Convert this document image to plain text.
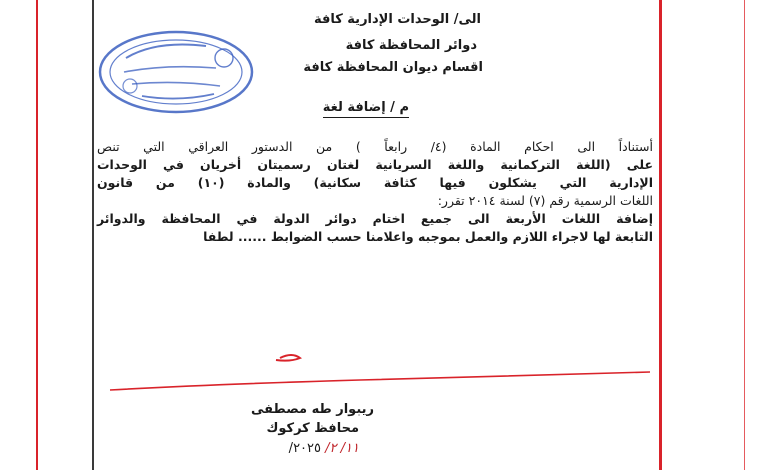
الى/ الوحدات الإدارية كافة
دوائر المحافظة كافة
اقسام ديوان المحافظة كافة
م / إضافة لغة
أستناداً الى احكام المادة (٤/ رابعاً ) من الدستور العراقي التي تنص
على (اللغة التركمانية واللغة السريانية لغتان رسميتان أخريان في الوحدات
الإدارية التي يشكلون فيها كثافة سكانية) والمادة (١٠) من قانون
اللغات الرسمية رقم (٧) لسنة ٢٠١٤ تقرر:
إضافة اللغات الأربعة الى جميع اختام دوائر الدولة في المحافظة والدوائر
التابعة لها لاجراء اللازم والعمل بموجبه واعلامنا حسب الضوابط ...... لطفا
ريبوار طه مصطفى
محافظ كركوك
١١/ ٢/ ٢٠٢٥/
